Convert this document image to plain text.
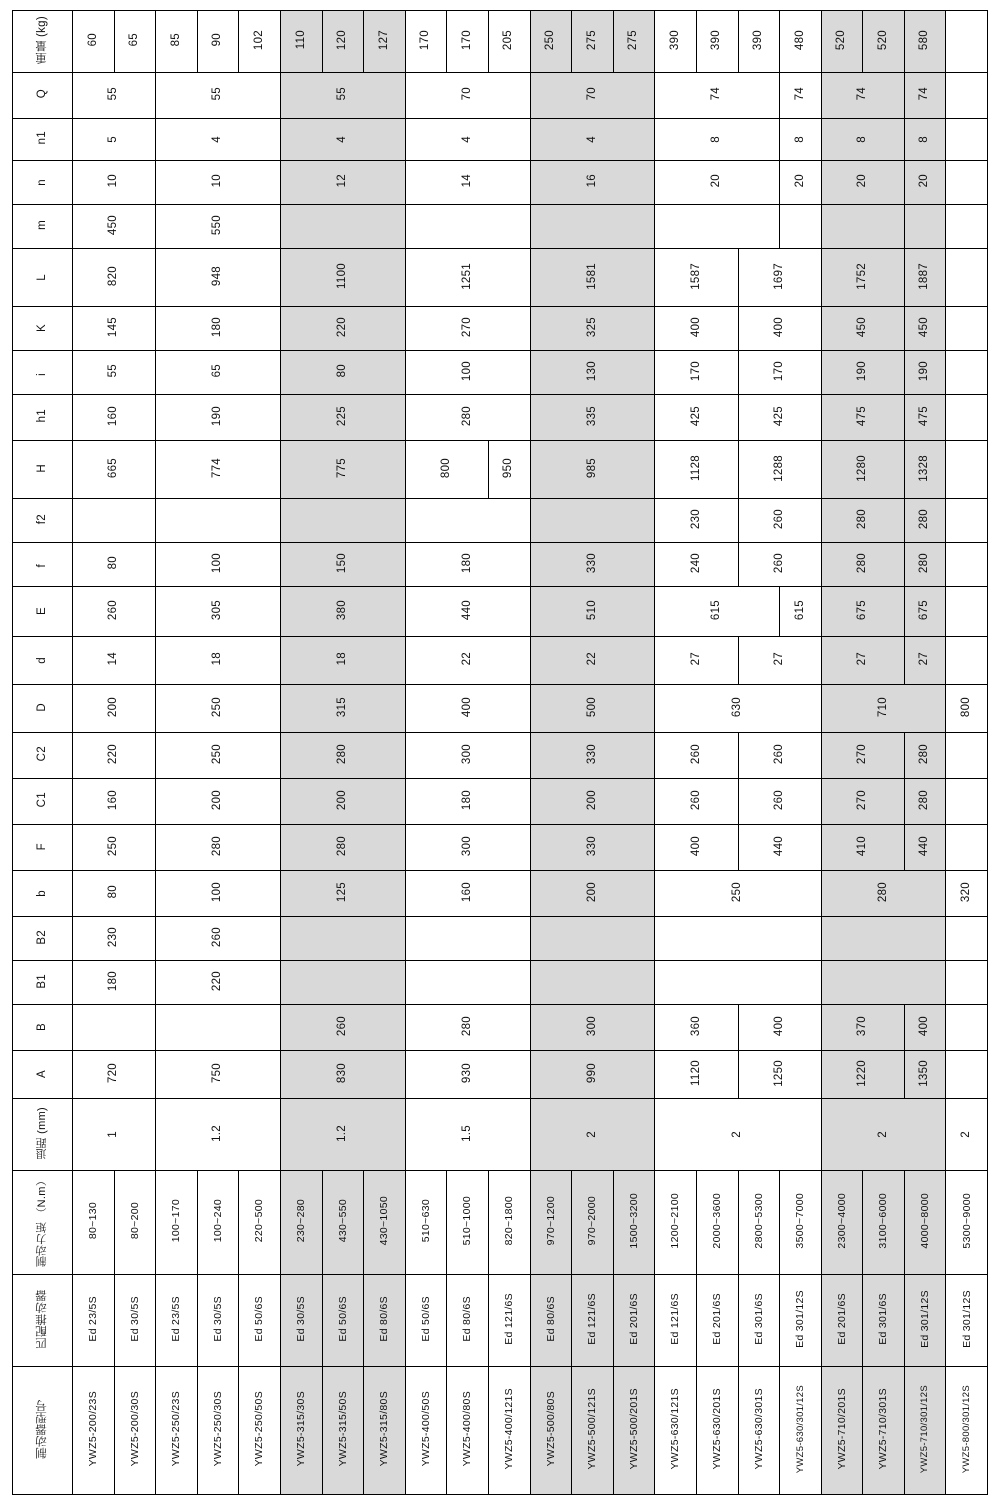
重量 (kg)	60	65	85	90	102	110	120	127	170	170	205	250	275	275	390	390	390	480	520	520	580	
Q	55		55			55			70			70			74			74	74		74	
n1	5		4			4			4			4			8			8	8		8	
n	10		10			12			14			16			20			20	20		20	
m	450		550																			
L	820		948			1100			1251			1581			1587		1697		1752		1887	
K	145		180			220			270			325			400		400		450		450	
i	55		65			80			100			130			170		170		190		190	
h1	160		190			225			280			335			425		425		475		475	
H	665		774			775			800		950	985			1128		1288		1280		1328	
f2															230		260		280		280	
f	80		100			150			180			330			240		260		280		280	
E	260		305			380			440			510			615			615	675		675	
d	14		18			18			22			22			27		27		27		27	
D	200		250			315			400			500			630				710			800
C2	220		250			280			300			330			260		260		270		280	
C1	160		200			200			180			200			260		260		270		280	
F	250		280			280			300			330			400		440		410		440	
b	80		100			125			160			200			250				280			320
B2	230		260																			
B1	180		220																			
B						260			280			300			360		400		370		400	
A	720		750			830			930			990			1120		1250		1220		1350	
退距 (mm)	1		1.2			1.2			1.5			2			2				2			2
制动力矩 （N.m）	80~130	80~200	100~170	100~240	220~500	230~280	430~550	430~1050	510~630	510~1000	820~1800	970~1200	970~2000	1500~3200	1200~2100	2000~3600	2800~5300	3500~7000	2300~4000	3100~6000	4000~8000	5300~9000
匹配推动器	Ed 23/5S	Ed 30/5S	Ed 23/5S	Ed 30/5S	Ed 50/6S	Ed 30/5S	Ed 50/6S	Ed 80/6S	Ed 50/6S	Ed 80/6S	Ed 121/6S	Ed 80/6S	Ed 121/6S	Ed 201/6S	Ed 121/6S	Ed 201/6S	Ed 301/6S	Ed 301/12S	Ed 201/6S	Ed 301/6S	Ed 301/12S	Ed 301/12S
制动器型号	YWZ5-200/23S	YWZ5-200/30S	YWZ5-250/23S	YWZ5-250/30S	YWZ5-250/50S	YWZ5-315/30S	YWZ5-315/50S	YWZ5-315/80S	YWZ5-400/50S	YWZ5-400/80S	YWZ5-400/121S	YWZ5-500/80S	YWZ5-500/121S	YWZ5-500/201S	YWZ5-630/121S	YWZ5-630/201S	YWZ5-630/301S	YWZ5-630/301/12S	YWZ5-710/201S	YWZ5-710/301S	YWZ5-710/301/12S	YWZ5-800/301/12S
